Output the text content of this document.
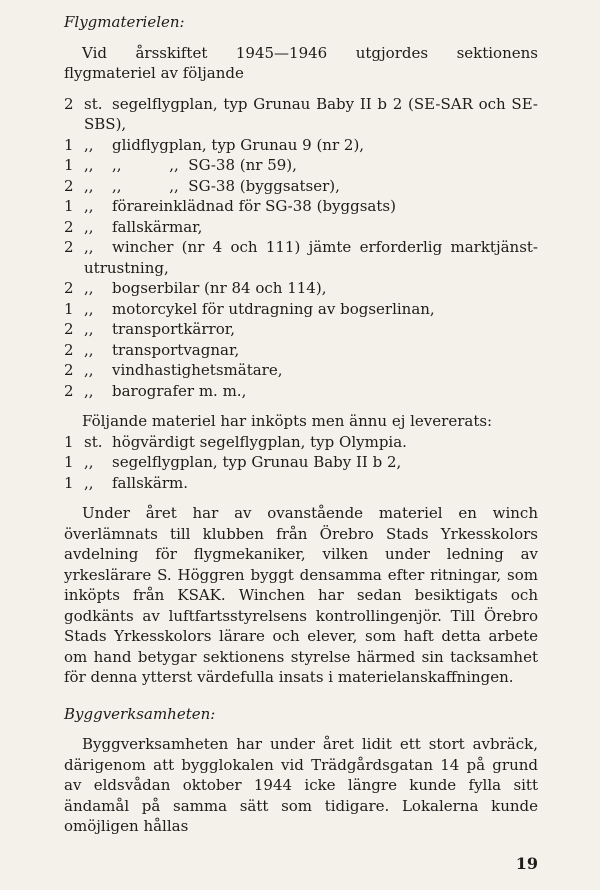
Flygmaterielen:

Vid årsskiftet 1945—1946 utgjordes sektionens flygmateriel av följande

2 st. segelflygplan, typ Grunau Baby II b 2 (SE-SAR och SE-SBS),
1 ,, glidflygplan, typ Grunau 9 (nr 2),
1 ,, ,,          ,,  SG-38 (nr 59),
2 ,, ,,          ,,  SG-38 (byggsatser),
1 ,, förareinklädnad för SG-38 (byggsats)
2 ,, fallskärmar,
2 ,, wincher (nr 4 och 111) jämte erforderlig marktjänst-utrustning,
2 ,, bogserbilar (nr 84 och 114),
1 ,, motorcykel för utdragning av bogserlinan,
2 ,, transportkärror,
2 ,, transportvagnar,
2 ,, vindhastighetsmätare,
2 ,, barografer m. m.,

Följande materiel har inköpts men ännu ej levererats:

1 st. högvärdigt segelflygplan, typ Olympia.
1 ,, segelflygplan, typ Grunau Baby II b 2,
1 ,, fallskärm.

Under året har av ovanstående materiel en winch överlämnats till klubben från Örebro Stads Yrkesskolors avdelning för flygmekaniker, vilken under ledning av yrkeslärare S. Höggren byggt densamma efter ritningar, som inköpts från KSAK. Winchen har sedan besiktigats och godkänts av luftfartsstyrelsens kontrollingenjör. Till Örebro Stads Yrkesskolors lärare och elever, som haft detta arbete om hand betygar sektionens styrelse härmed sin tacksamhet för denna ytterst värdefulla insats i materielanskaffningen.

Byggverksamheten:

Byggverksamheten har under året lidit ett stort avbräck, därigenom att bygglokalen vid Trädgårdsgatan 14 på grund av eldsvådan oktober 1944 icke längre kunde fylla sitt ändamål på samma sätt som tidigare. Lokalerna kunde omöjligen hållas

19
